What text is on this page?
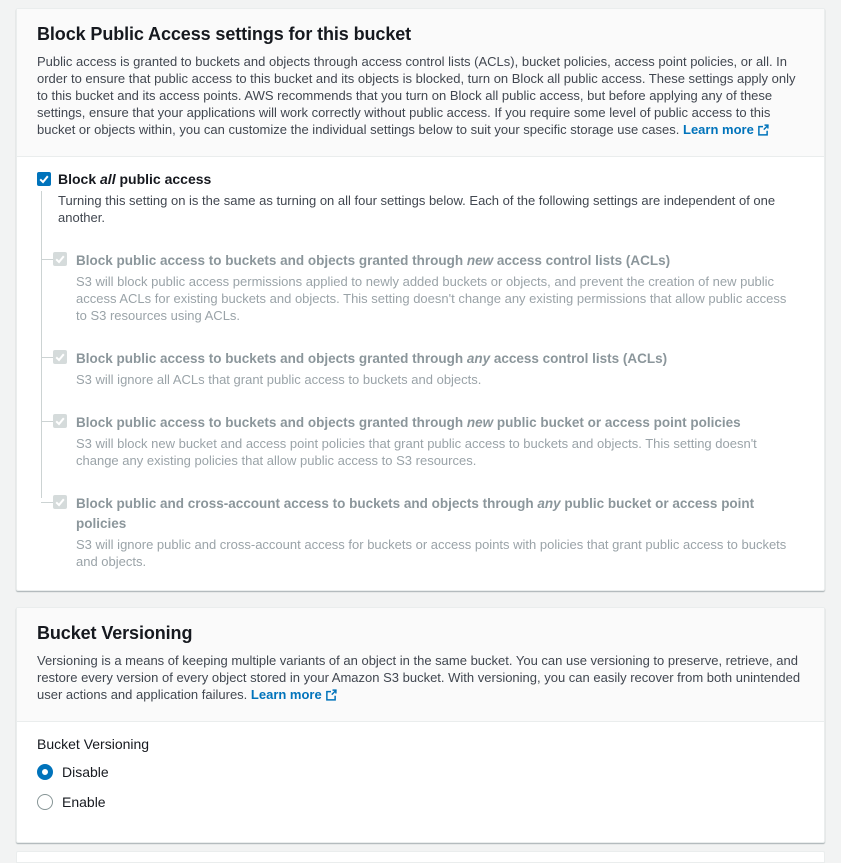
Block Public Access settings for this bucket

Public access is granted to buckets and objects through access control lists (ACLs), bucket policies, access point policies, or all. In order to ensure that public access to this bucket and its objects is blocked, turn on Block all public access. These settings apply only to this bucket and its access points. AWS recommends that you turn on Block all public access, but before applying any of these settings, ensure that your applications will work correctly without public access. If you require some level of public access to this bucket or objects within, you can customize the individual settings below to suit your specific storage use cases. Learn more

Block all public access

Turning this setting on is the same as turning on all four settings below. Each of the following settings are independent of one another.

Block public access to buckets and objects granted through new access control lists (ACLs)
S3 will block public access permissions applied to newly added buckets or objects, and prevent the creation of new public access ACLs for existing buckets and objects. This setting doesn't change any existing permissions that allow public access to S3 resources using ACLs.
Block public access to buckets and objects granted through any access control lists (ACLs)
S3 will ignore all ACLs that grant public access to buckets and objects.
Block public access to buckets and objects granted through new public bucket or access point policies
S3 will block new bucket and access point policies that grant public access to buckets and objects. This setting doesn't change any existing policies that allow public access to S3 resources.
Block public and cross-account access to buckets and objects through any public bucket or access point policies
S3 will ignore public and cross-account access for buckets or access points with policies that grant public access to buckets and objects.
Bucket Versioning

Versioning is a means of keeping multiple variants of an object in the same bucket. You can use versioning to preserve, retrieve, and restore every version of every object stored in your Amazon S3 bucket. With versioning, you can easily recover from both unintended user actions and application failures. Learn more

Bucket Versioning
Disable
Enable
